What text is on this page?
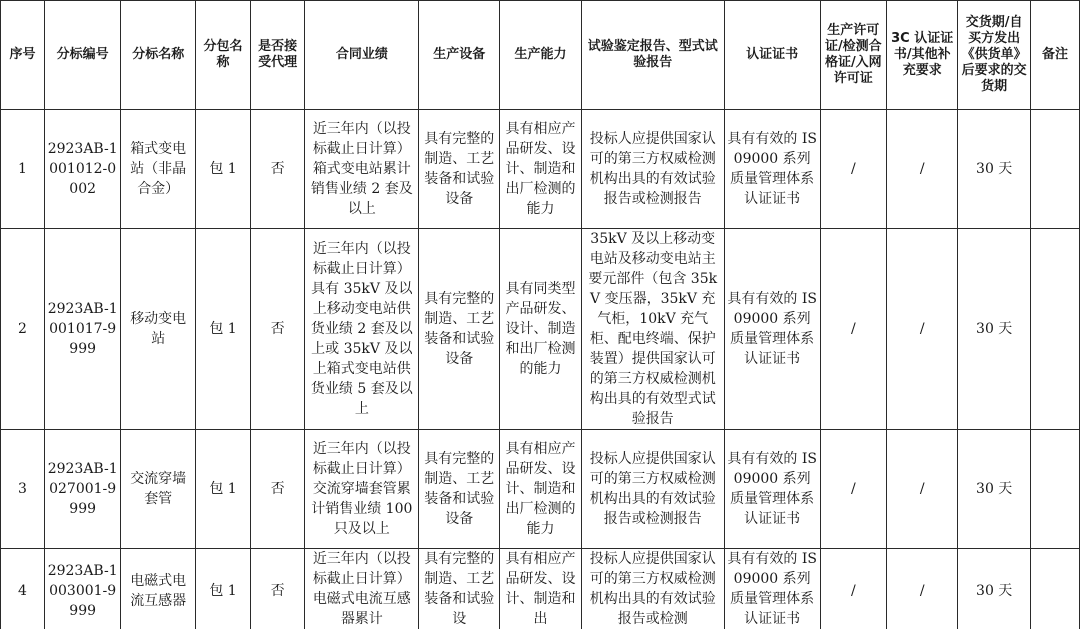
序号	分标编号	分标名称	分包名称	是否接受代理	合同业绩	生产设备	生产能力	试验鉴定报告、型式试验报告	认证证书	生产许可证/检测合格证/入网许可证	3C 认证证书/其他补充要求	交货期/自买方发出《供货单》后要求的交货期	备注
1	2923AB-1001012-0002	箱式变电站（非晶合金）	包 1	否	近三年内（以投标截止日计算）箱式变电站累计销售业绩 2 套及以上	具有完整的制造、工艺装备和试验设备	具有相应产品研发、设计、制造和出厂检测的能力	投标人应提供国家认可的第三方权威检测机构出具的有效试验报告或检测报告	具有有效的 IS09000 系列质量管理体系认证证书	/	/	30 天	
2	2923AB-1001017-9999	移动变电站	包 1	否	近三年内（以投标截止日计算）具有 35kV 及以上移动变电站供货业绩 2 套及以上或 35kV 及以上箱式变电站供货业绩 5 套及以上	具有完整的制造、工艺装备和试验设备	具有同类型产品研发、设计、制造和出厂检测的能力	35kV 及以上移动变电站及移动变电站主要元部件（包含 35kV 变压器，35kV 充气柜，10kV 充气柜、配电终端、保护装置）提供国家认可的第三方权威检测机构出具的有效型式试验报告	具有有效的 IS09000 系列质量管理体系认证证书	/	/	30 天	
3	2923AB-1027001-9999	交流穿墙套管	包 1	否	近三年内（以投标截止日计算）交流穿墙套管累计销售业绩 100 只及以上	具有完整的制造、工艺装备和试验设备	具有相应产品研发、设计、制造和出厂检测的能力	投标人应提供国家认可的第三方权威检测机构出具的有效试验报告或检测报告	具有有效的 IS09000 系列质量管理体系认证证书	/	/	30 天	
4	2923AB-1003001-9999	电磁式电流互感器	包 1	否	近三年内（以投标截止日计算）电磁式电流互感器累计	具有完整的制造、工艺装备和试验设	具有相应产品研发、设计、制造和出	投标人应提供国家认可的第三方权威检测机构出具的有效试验报告或检测	具有有效的 IS09000 系列质量管理体系认证证书	/	/	30 天	
